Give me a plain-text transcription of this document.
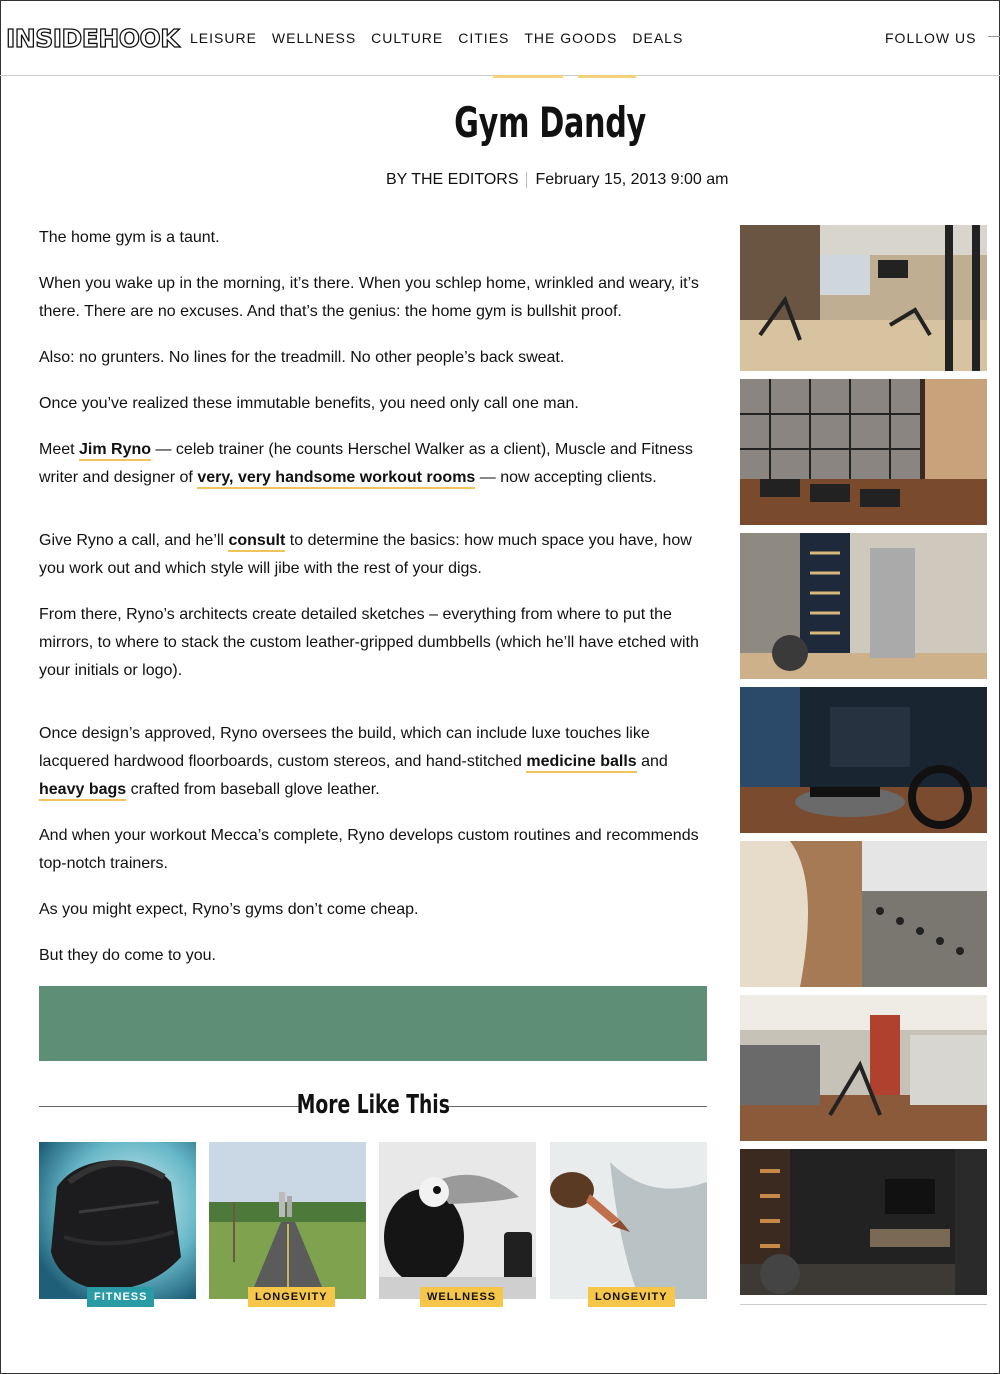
INSIDEHOOK LEISURE WELLNESS CULTURE CITIES THE GOODS DEALS	FOLLOW US
Gym Dandy
BY THE EDITORS February 15, 2013 9:00 am

The home gym is a taunt.

When you wake up in the morning, it’s there. When you schlep home, wrinkled and weary, it’s there. There are no excuses. And that’s the genius: the home gym is bullshit proof.

Also: no grunters. No lines for the treadmill. No other people’s back sweat.

Once you’ve realized these immutable benefits, you need only call one man.

Meet Jim Ryno — celeb trainer (he counts Herschel Walker as a client), Muscle and Fitness writer and designer of very, very handsome workout rooms — now accepting clients.

Give Ryno a call, and he’ll consult to determine the basics: how much space you have, how you work out and which style will jibe with the rest of your digs.

From there, Ryno’s architects create detailed sketches – everything from where to put the mirrors, to where to stack the custom leather-gripped dumbbells (which he’ll have etched with your initials or logo).

Once design’s approved, Ryno oversees the build, which can include luxe touches like lacquered hardwood floorboards, custom stereos, and hand-stitched medicine balls and heavy bags crafted from baseball glove leather.

And when your workout Mecca’s complete, Ryno develops custom routines and recommends top-notch trainers.

As you might expect, Ryno’s gyms don’t come cheap.

But they do come to you.

More Like This
FITNESS	LONGEVITY	WELLNESS	LONGEVITY
